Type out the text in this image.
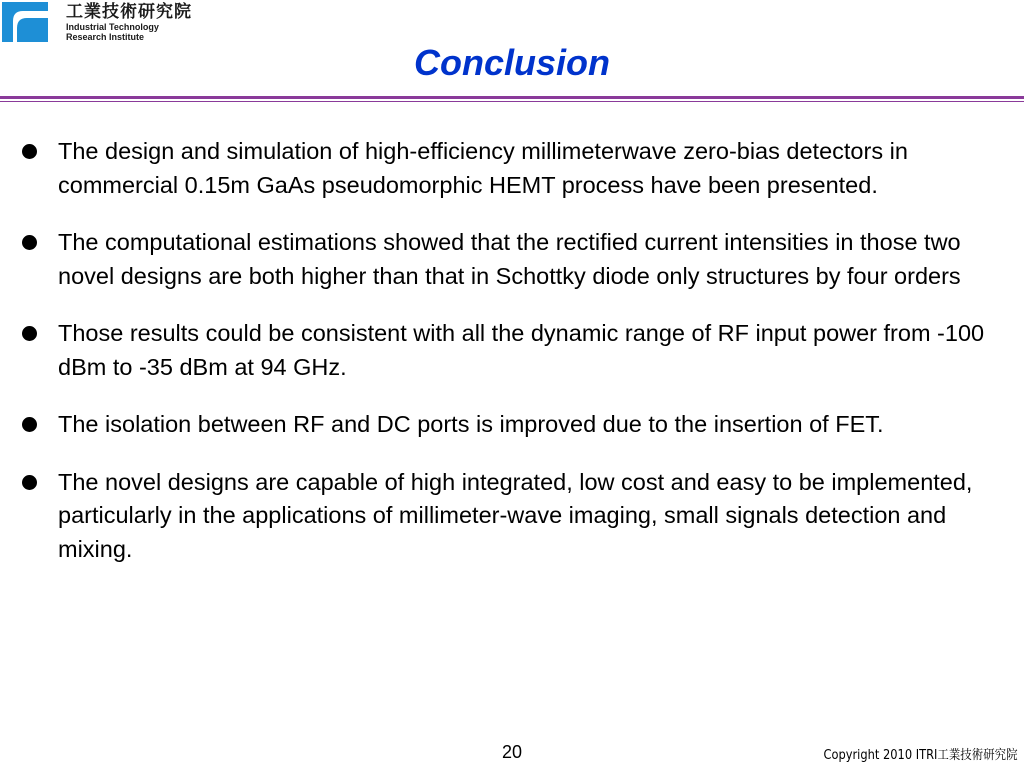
工業技術研究院
Industrial Technology
Research Institute
Conclusion
The design and simulation of high-efficiency millimeterwave zero-bias detectors in commercial 0.15m GaAs pseudomorphic HEMT process have been presented.
The computational estimations showed that the rectified current intensities in those two novel designs are both higher than that in Schottky diode only structures by four orders
Those results could be consistent with all the dynamic range of RF input power from -100 dBm to -35 dBm at 94 GHz.
The isolation between RF and DC ports is improved due to the insertion of FET.
The novel designs are capable of high integrated, low cost and easy to be implemented, particularly in the applications of millimeter-wave imaging, small signals detection and mixing.
20	Copyright 2010 ITRI工業技術研究院
